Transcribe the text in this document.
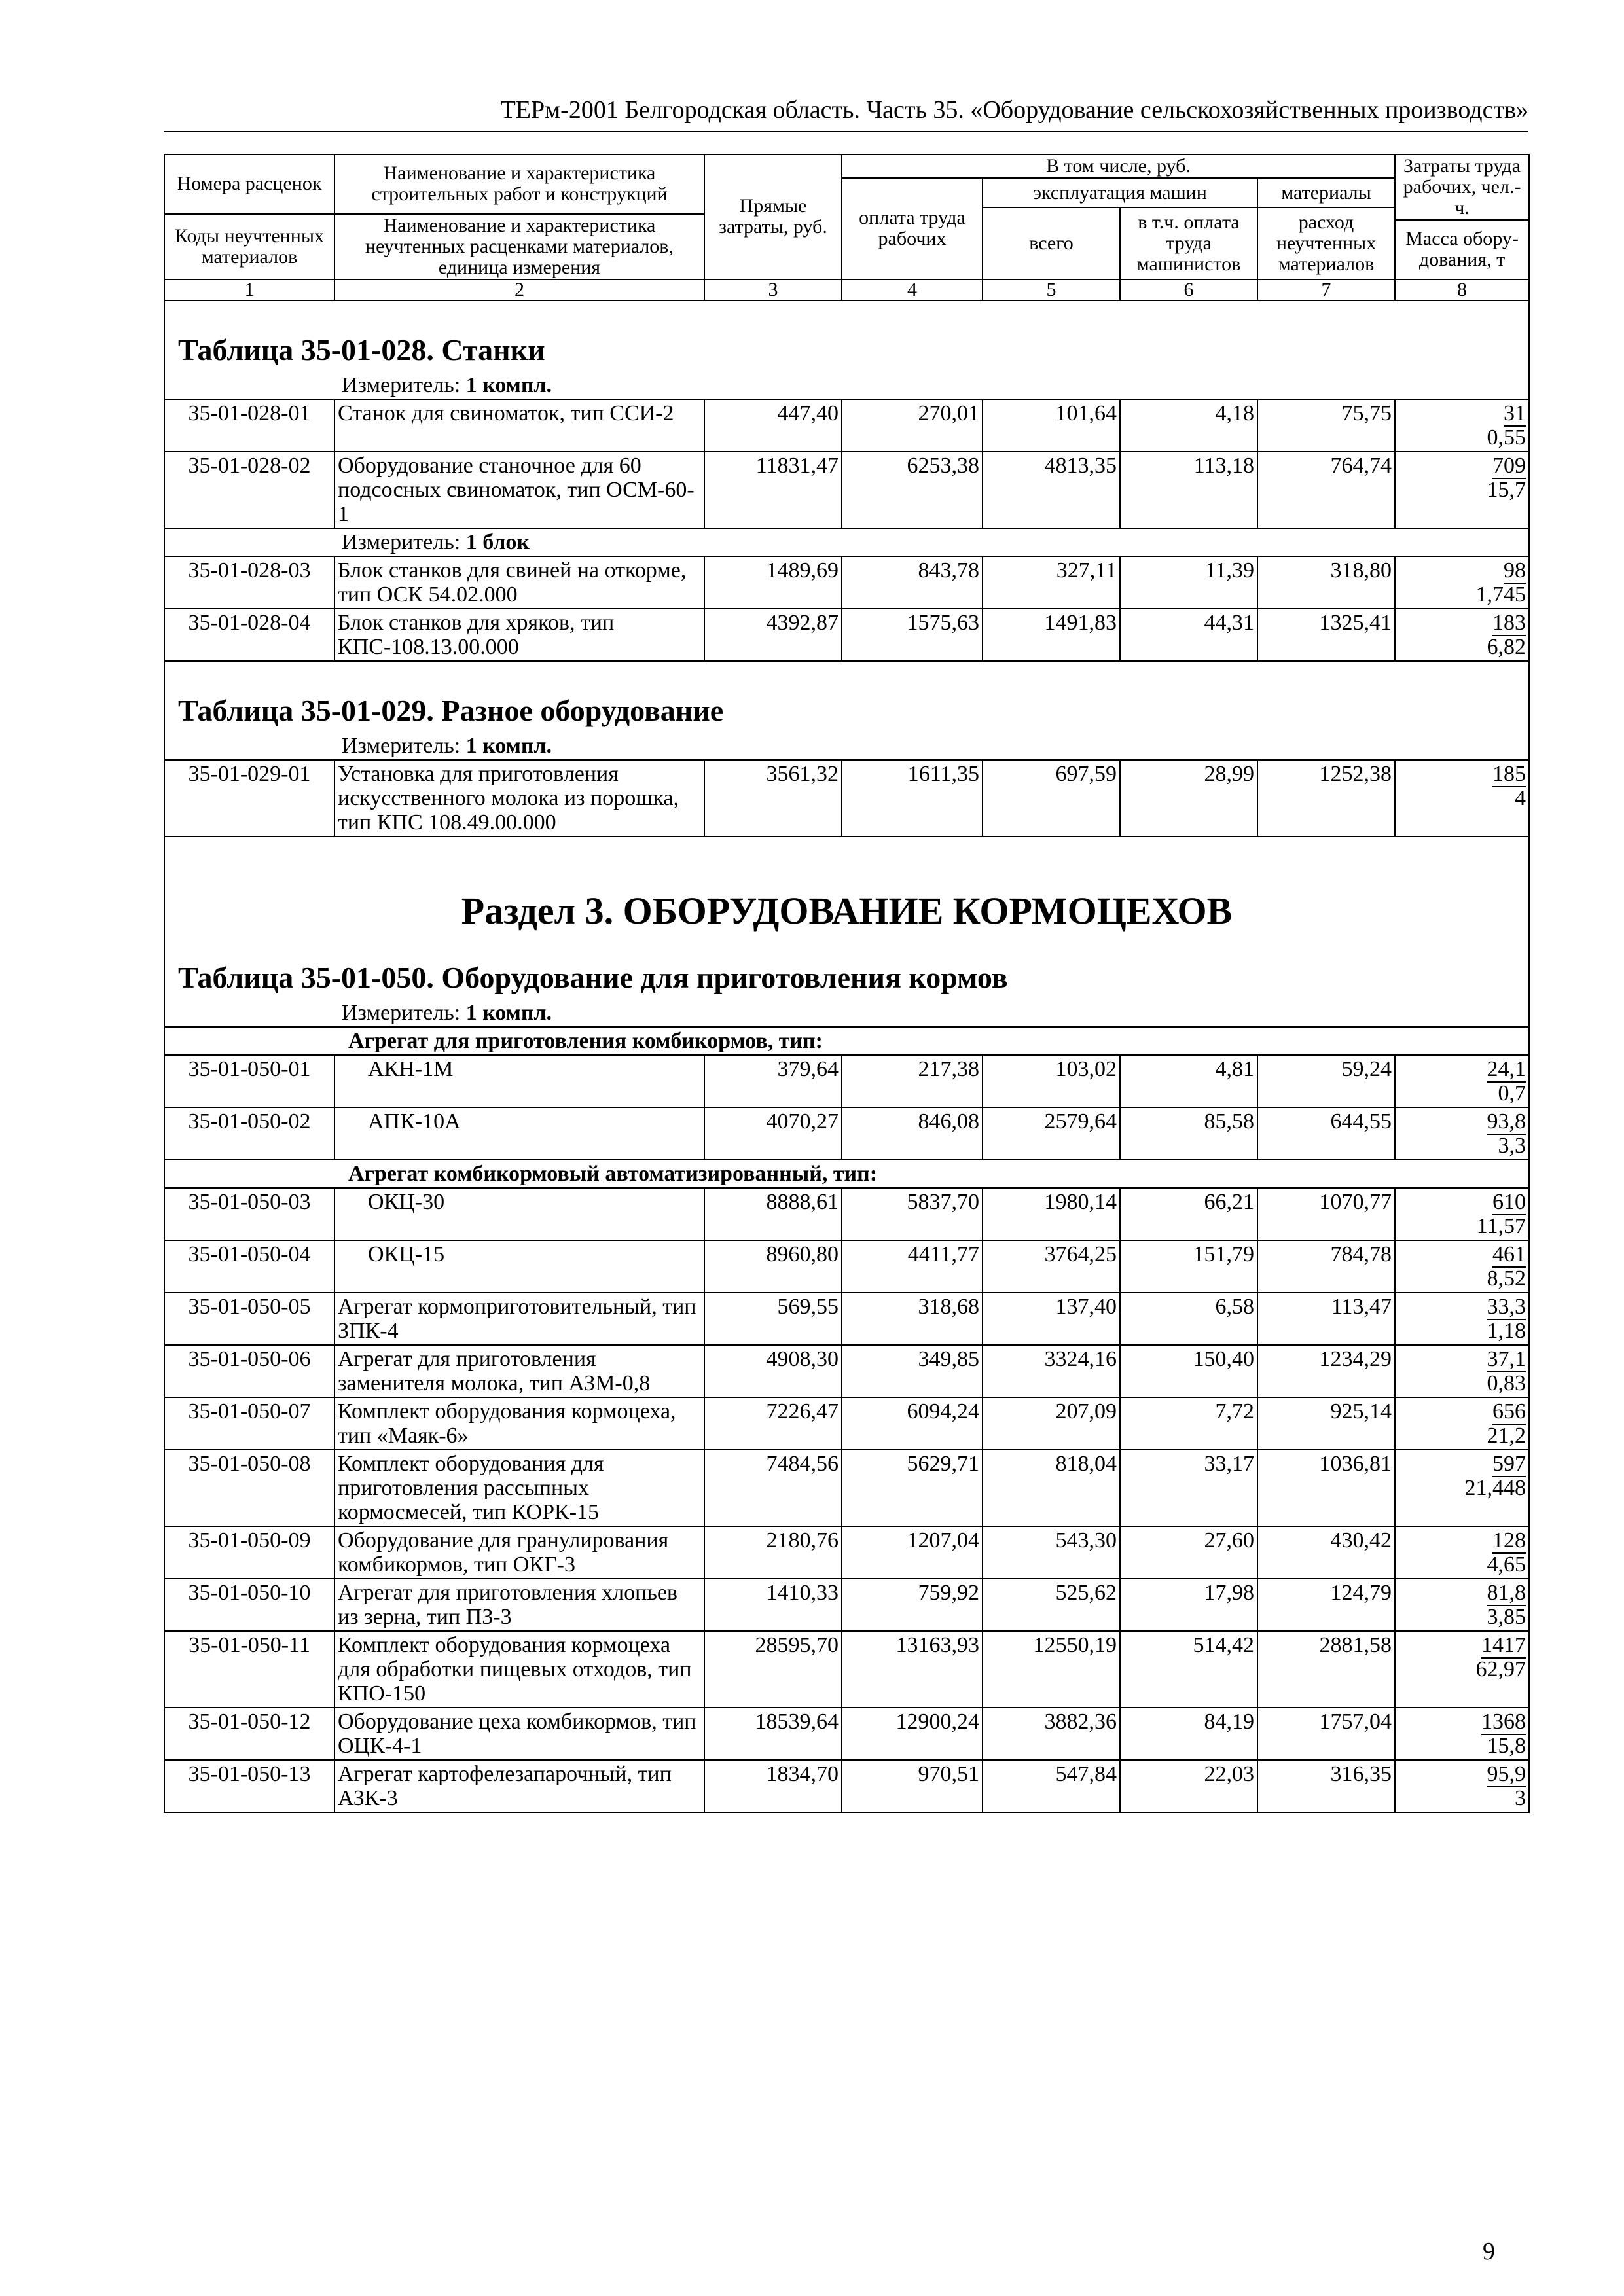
ТЕРм-2001 Белгородская область. Часть 35. «Оборудование сельскохозяйственных производств»
Номера расценок	Наименование и характеристика строительных работ и конструкций	Прямые затраты, руб.	В том числе, руб.				Затраты труда рабочих, чел.-ч.
			оплата труда рабочих	эксплуатация машин		материалы	
				всего	в т.ч. оплата труда машинистов	расход неучтенных материалов	
Коды неучтенных материалов	Наименование и характеристика неучтенных расценками материалов, единица измерения						
							Масса обору-дования, т

1	2	3	4	5	6	7	8

Таблица 35-01-028. Станки							
Измеритель: 1 компл.							
35-01-028-01	Станок для свиноматок, тип ССИ-2	447,40	270,01	101,64	4,18	75,75	31
0,55
35-01-028-02	Оборудование станочное для 60 подсосных свиноматок, тип ОСМ-60-1	11831,47	6253,38	4813,35	113,18	764,74	709
15,7
Измеритель: 1 блок							
35-01-028-03	Блок станков для свиней на откорме, тип ОСК 54.02.000	1489,69	843,78	327,11	11,39	318,80	98
1,745
35-01-028-04	Блок станков для хряков, тип КПС-108.13.00.000	4392,87	1575,63	1491,83	44,31	1325,41	183
6,82

Таблица 35-01-029. Разное оборудование							
Измеритель: 1 компл.							
35-01-029-01	Установка для приготовления искусственного молока из порошка, тип КПС 108.49.00.000	3561,32	1611,35	697,59	28,99	1252,38	185
4

Раздел 3. ОБОРУДОВАНИЕ КОРМОЦЕХОВ							
Таблица 35-01-050. Оборудование для приготовления кормов							
Измеритель: 1 компл.							
Агрегат для приготовления комбикормов, тип:							
35-01-050-01	АКН-1М	379,64	217,38	103,02	4,81	59,24	24,1
0,7
35-01-050-02	АПК-10А	4070,27	846,08	2579,64	85,58	644,55	93,8
3,3
Агрегат комбикормовый автоматизированный, тип:							
35-01-050-03	ОКЦ-30	8888,61	5837,70	1980,14	66,21	1070,77	610
11,57
35-01-050-04	ОКЦ-15	8960,80	4411,77	3764,25	151,79	784,78	461
8,52
35-01-050-05	Агрегат кормоприготовительный, тип ЗПК-4	569,55	318,68	137,40	6,58	113,47	33,3
1,18
35-01-050-06	Агрегат для приготовления заменителя молока, тип АЗМ-0,8	4908,30	349,85	3324,16	150,40	1234,29	37,1
0,83
35-01-050-07	Комплект оборудования кормоцеха, тип «Маяк-6»	7226,47	6094,24	207,09	7,72	925,14	656
21,2
35-01-050-08	Комплект оборудования для приготовления рассыпных кормосмесей, тип КОРК-15	7484,56	5629,71	818,04	33,17	1036,81	597
21,448
35-01-050-09	Оборудование для гранулирования комбикормов, тип ОКГ-3	2180,76	1207,04	543,30	27,60	430,42	128
4,65
35-01-050-10	Агрегат для приготовления хлопьев из зерна, тип ПЗ-3	1410,33	759,92	525,62	17,98	124,79	81,8
3,85
35-01-050-11	Комплект оборудования кормоцеха для обработки пищевых отходов, тип КПО-150	28595,70	13163,93	12550,19	514,42	2881,58	1417
62,97
35-01-050-12	Оборудование цеха комбикормов, тип ОЦК-4-1	18539,64	12900,24	3882,36	84,19	1757,04	1368
15,8
35-01-050-13	Агрегат картофелезапарочный, тип АЗК-3	1834,70	970,51	547,84	22,03	316,35	95,9
3
9
